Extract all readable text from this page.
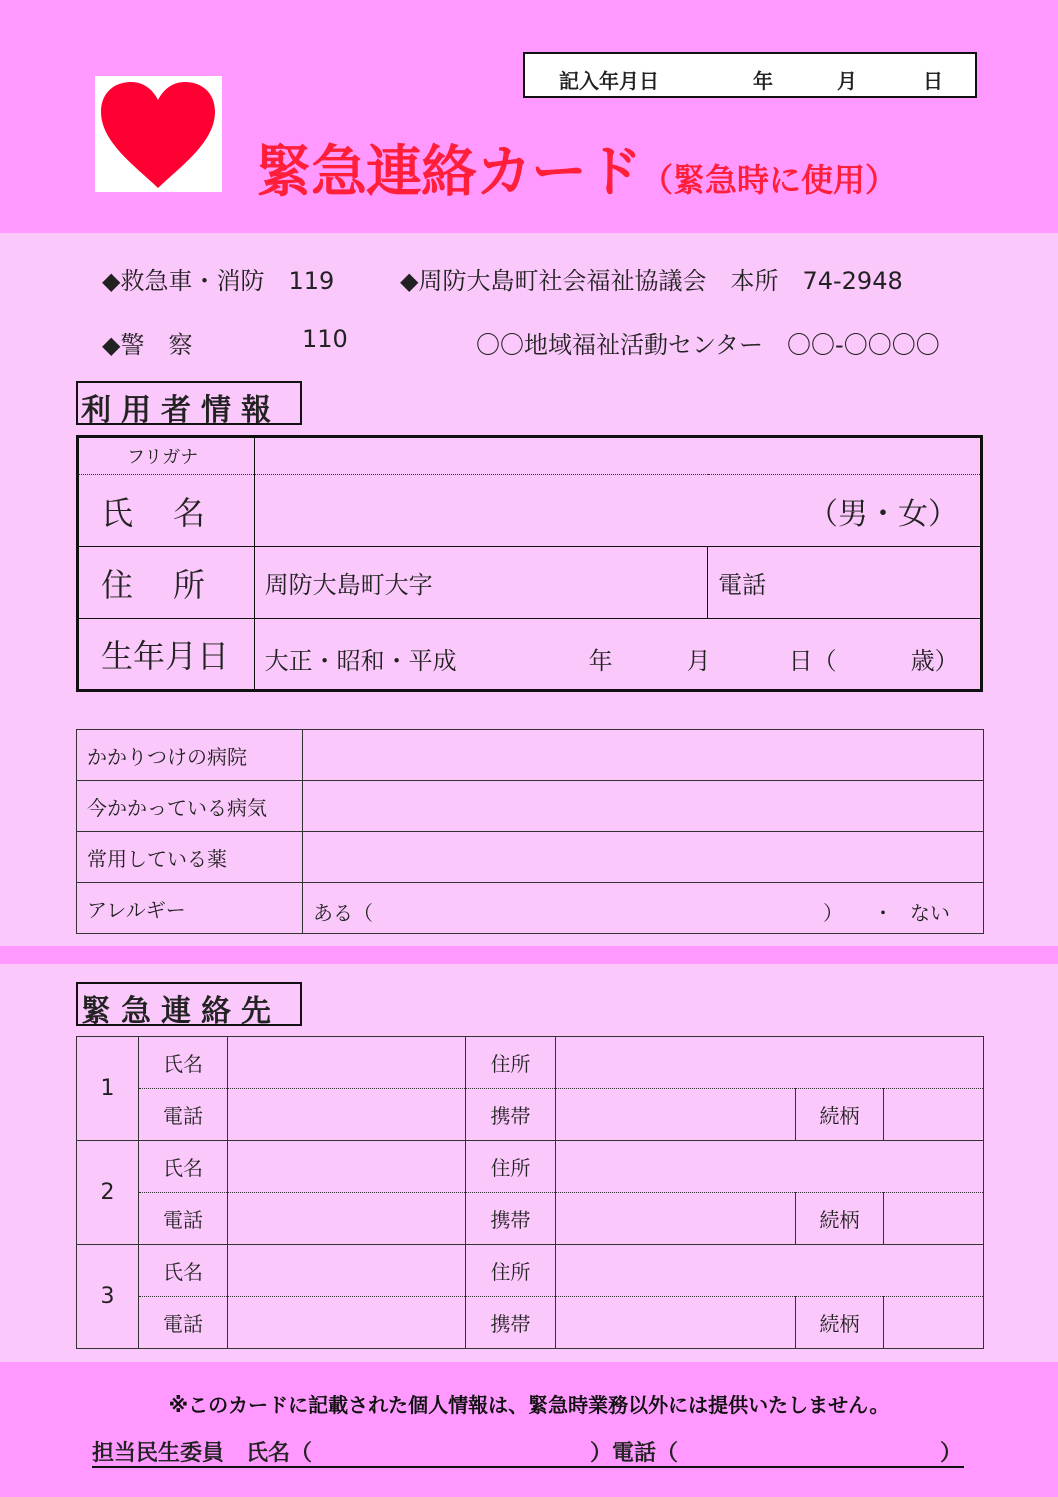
記入年月日	年	月	日
緊急連絡カード（緊急時に使用）
◆救急車・消防　119	◆周防大島町社会福祉協議会　本所　74-2948
◆警　察	110	〇〇地域福祉活動センター　〇〇-〇〇〇〇
利用者情報
フリガナ		
氏名	（男・女）	
住所	周防大島町大字	電話
生年月日	大正・昭和・平成 年 月 日（ 歳）	
かかりつけの病院	
今かかっている病気	
常用している薬	
アレルギー	ある（ ） ・ ない
緊急連絡先
1	氏名		住所			
	電話		携帯		続柄	
2	氏名		住所			
	電話		携帯		続柄	
3	氏名		住所			
	電話		携帯		続柄	
※このカードに記載された個人情報は、緊急時業務以外には提供いたしません。
担当民生委員　氏名（	）電話（	）
